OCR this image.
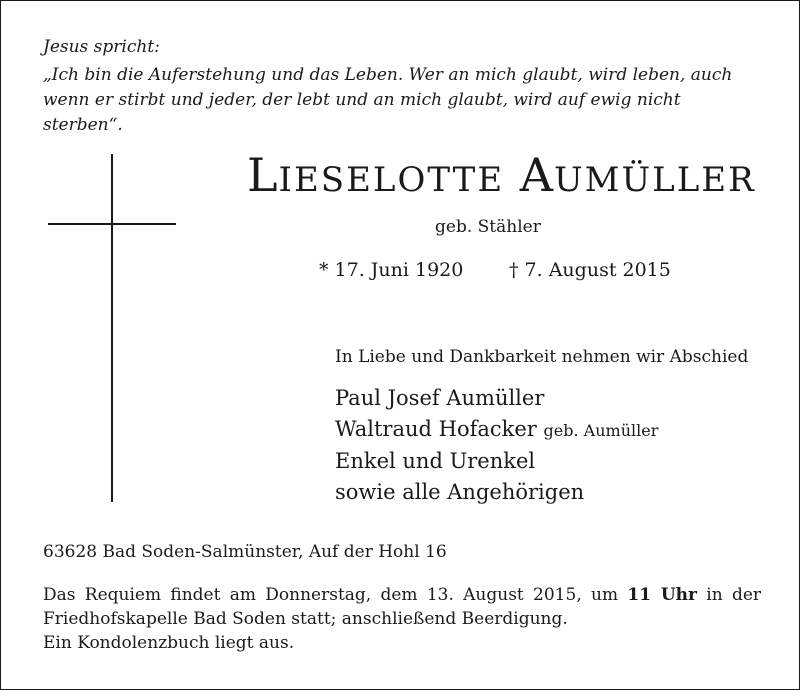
Jesus spricht:
„Ich bin die Auferstehung und das Leben. Wer an mich glaubt, wird leben, auch wenn er stirbt und jeder, der lebt und an mich glaubt, wird auf ewig nicht sterben“.
LIESELOTTE AUMÜLLER
geb. Stähler
* 17. Juni 1920 † 7. August 2015
In Liebe und Dankbarkeit nehmen wir Abschied
Paul Josef Aumüller
Waltraud Hofacker geb. Aumüller
Enkel und Urenkel
sowie alle Angehörigen
63628 Bad Soden-Salmünster, Auf der Hohl 16
Das Requiem findet am Donnerstag, dem 13. August 2015, um 11 Uhr in der Friedhofskapelle Bad Soden statt; anschließend Beerdigung.
Ein Kondolenzbuch liegt aus.
